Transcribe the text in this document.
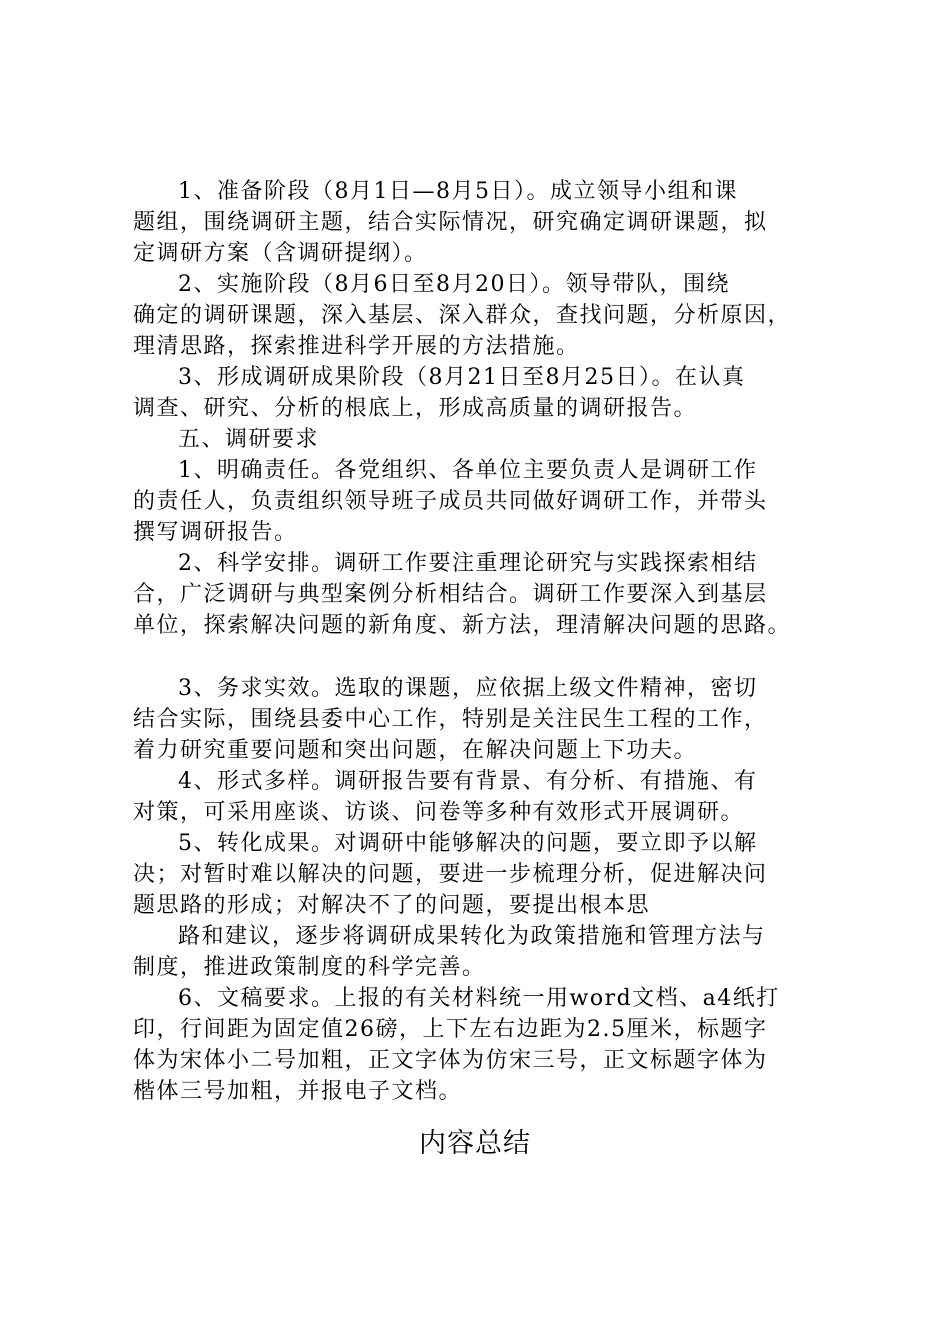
1、准备阶段（8月1日—8月5日）。成立领导小组和课
题组，围绕调研主题，结合实际情况，研究确定调研课题，拟
定调研方案（含调研提纲）。
2、实施阶段（8月6日至8月20日）。领导带队，围绕
确定的调研课题，深入基层、深入群众，查找问题，分析原因，
理清思路，探索推进科学开展的方法措施。
3、形成调研成果阶段（8月21日至8月25日）。在认真
调查、研究、分析的根底上，形成高质量的调研报告。
五、调研要求
1、明确责任。各党组织、各单位主要负责人是调研工作
的责任人，负责组织领导班子成员共同做好调研工作，并带头
撰写调研报告。
2、科学安排。调研工作要注重理论研究与实践探索相结
合，广泛调研与典型案例分析相结合。调研工作要深入到基层
单位，探索解决问题的新角度、新方法，理清解决问题的思路。
3、务求实效。选取的课题，应依据上级文件精神，密切
结合实际，围绕县委中心工作，特别是关注民生工程的工作，
着力研究重要问题和突出问题，在解决问题上下功夫。
4、形式多样。调研报告要有背景、有分析、有措施、有
对策，可采用座谈、访谈、问卷等多种有效形式开展调研。
5、转化成果。对调研中能够解决的问题，要立即予以解
决；对暂时难以解决的问题，要进一步梳理分析，促进解决问
题思路的形成；对解决不了的问题，要提出根本思
路和建议，逐步将调研成果转化为政策措施和管理方法与
制度，推进政策制度的科学完善。
6、文稿要求。上报的有关材料统一用word文档、a4纸打
印，行间距为固定值26磅，上下左右边距为2.5厘米，标题字
体为宋体小二号加粗，正文字体为仿宋三号，正文标题字体为
楷体三号加粗，并报电子文档。
内容总结
